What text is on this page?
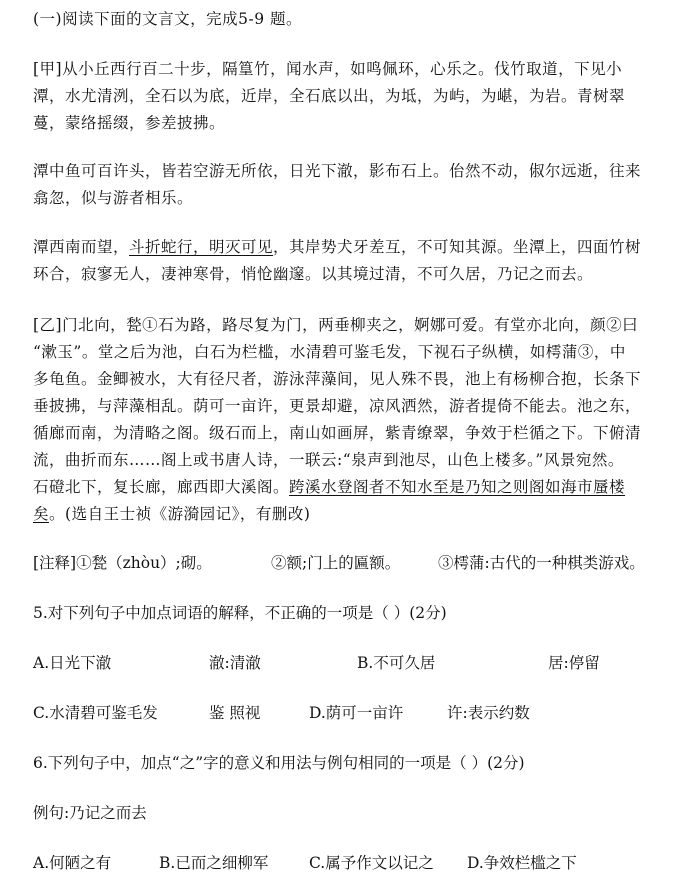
(一)阅读下面的文言文，完成5-9 题。
[甲]从小丘西行百二十步，隔篁竹，闻水声，如鸣佩环，心乐之。伐竹取道，下见小
潭，水尤清洌，全石以为底，近岸，全石底以出，为坻，为屿，为嵁，为岩。青树翠
蔓，蒙络摇缀，参差披拂。
潭中鱼可百许头，皆若空游无所依，日光下澈，影布石上。佁然不动，俶尔远逝，往来
翕忽，似与游者相乐。
潭西南而望，斗折蛇行，明灭可见，其岸势犬牙差互，不可知其源。坐潭上，四面竹树
环合，寂寥无人，凄神寒骨，悄怆幽邃。以其境过清，不可久居，乃记之而去。
[乙]门北向，甃①石为路，路尽复为门，两垂柳夹之，婀娜可爱。有堂亦北向，颜②曰
“漱玉”。堂之后为池，白石为栏槛，水清碧可鉴毛发，下视石子纵横，如樗蒲③，中
多龟鱼。金鲫被水，大有径尺者，游泳萍藻间，见人殊不畏，池上有杨柳合抱，长条下
垂披拂，与萍藻相乱。荫可一亩许，更景却避，凉风洒然，游者提倚不能去。池之东，
循廊而南，为清略之阁。级石而上，南山如画屏，紫青缭翠，争效于栏循之下。下俯清
流，曲折而东……阁上或书唐人诗，一联云:“泉声到池尽，山色上楼多。”风景宛然。
石磴北下，复长廊，廊西即大溪阁。跨溪水登阁者不知水至是乃知之则阁如海市蜃楼
矣。(选自王士祯《游漪园记》，有删改)
[注释]①甃（zhòu）;砌。	②额;门上的匾额。 ③樗蒲:古代的一种棋类游戏。
5.对下列句子中加点词语的解释，不正确的一项是（ ）(2分)
A.日光下澈	澈:清澈	B.不可久居	居:停留
C.水清碧可鉴毛发	鉴 照视	D.荫可一亩许	许:表示约数
6.下列句子中，加点“之”字的意义和用法与例句相同的一项是（ ）(2分)
例句:乃记之而去
A.何陋之有	B.已而之细柳军	C.属予作文以记之 D.争效栏槛之下
